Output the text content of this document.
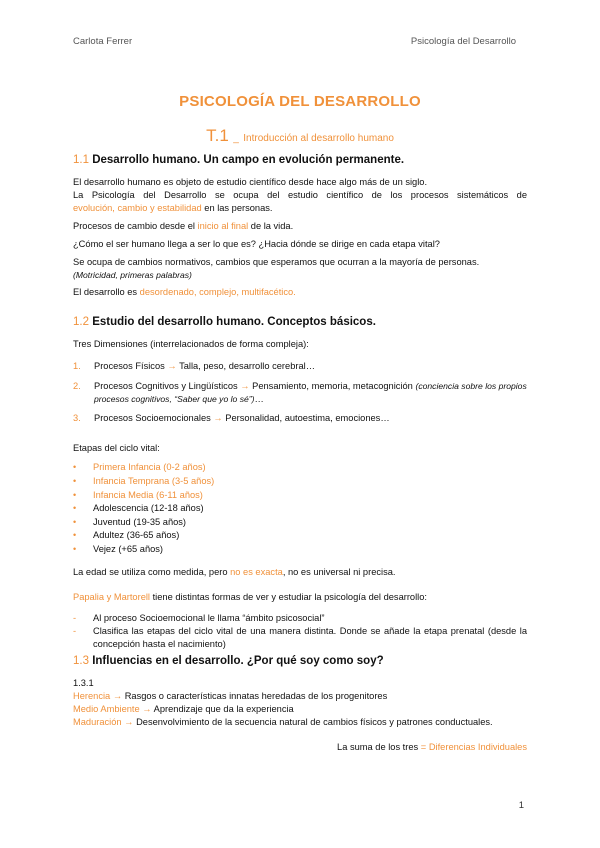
Carlota Ferrer	Psicología del Desarrollo
PSICOLOGÍA DEL DESARROLLO
T.1 _ Introducción al desarrollo humano
1.1 Desarrollo humano. Un campo en evolución permanente.

El desarrollo humano es objeto de estudio científico desde hace algo más de un siglo.

La Psicología del Desarrollo se ocupa del estudio científico de los procesos sistemáticos de

evolución, cambio y estabilidad en las personas.

Procesos de cambio desde el inicio al final de la vida.

¿Cómo el ser humano llega a ser lo que es? ¿Hacia dónde se dirige en cada etapa vital?

Se ocupa de cambios normativos, cambios que esperamos que ocurran a la mayoría de personas.

(Motricidad, primeras palabras)

El desarrollo es desordenado, complejo, multifacético.

1.2 Estudio del desarrollo humano. Conceptos básicos.

Tres Dimensiones (interrelacionados de forma compleja):

1. Procesos Físicos → Talla, peso, desarrollo cerebral…
2. Procesos Cognitivos y Lingüísticos → Pensamiento, memoria, metacognición (conciencia sobre los propios procesos cognitivos, “Saber que yo lo sé”)…
3. Procesos Socioemocionales → Personalidad, autoestima, emociones…

Etapas del ciclo vital:

• Primera Infancia (0-2 años)
• Infancia Temprana (3-5 años)
• Infancia Media (6-11 años)
• Adolescencia (12-18 años)
• Juventud (19-35 años)
• Adultez (36-65 años)
• Vejez (+65 años)

La edad se utiliza como medida, pero no es exacta, no es universal ni precisa.

Papalia y Martorell tiene distintas formas de ver y estudiar la psicología del desarrollo:

- Al proceso Socioemocional le llama “ámbito psicosocial”
- Clasifica las etapas del ciclo vital de una manera distinta. Donde se añade la etapa prenatal (desde la concepción hasta el nacimiento)
1.3 Influencias en el desarrollo. ¿Por qué soy como soy?

1.3.1

Herencia → Rasgos o características innatas heredadas de los progenitores

Medio Ambiente → Aprendizaje que da la experiencia

Maduración → Desenvolvimiento de la secuencia natural de cambios físicos y patrones conductuales.

La suma de los tres = Diferencias Individuales

1
